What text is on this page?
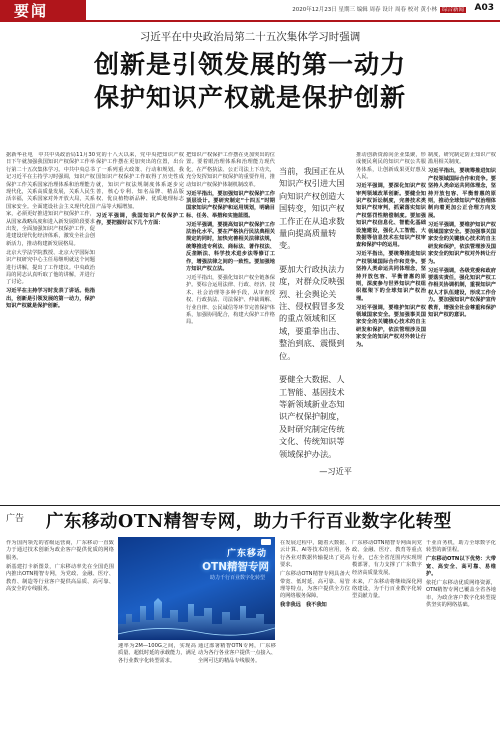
要闻	2020年12月23日 星期三 编辑 周春 设计 周春 校对 黄小林 综合新闻 A03
习近平在中央政治局第二十五次集体学习时强调
创新是引领发展的第一动力
保护知识产权就是保护创新

据新华社电　中共中央政治局11月30日下午就加强我国知识产权保护工作举行第二十五次集体学习。中共中央总书记习近平在主持学习时强调，知识产权保护工作关系国家治理体系和治理能力现代化，关系高质量发展，关系人民生活幸福，关系国家对外开放大局，关系国家安全。全面建设社会主义现代化国家，必须更好推进知识产权保护工作，从国家战略高度和进入新发展阶段要求出发，全面加强知识产权保护工作，促进建设现代化经济体系，激发全社会创新活力，推动构建新发展格局。

北京大学法学院教授、北京大学国际知识产权研究中心主任易继明就这个问题进行讲解，提出了工作建议。中央政治局的同志认真听取了他的讲解，并进行了讨论。

习近平在主持学习时发表了讲话。他指出，创新是引领发展的第一动力，保护知识产权就是保护创新。

把知识产权保护工作摆在更加突出的位置。要着眼治理体系和治理能力现代化，在严格执法、公正司法上下功夫，充分发挥知识产权保护的重要作用，推动知识产权保护体制机制改革。

习近平指出，要加强知识产权保护工作顶层设计。要研究制定“十四五”时期国家知识产权保护和运用规划，明确目标、任务、举措和实施蓝图。

习近平强调，要提高知识产权保护工作法治化水平。要在严格执行民法典相关规定的同时，加快完善相关法律法规，统筹推进专利法、商标法、著作权法、反垄断法、科学技术进步法等修订工作，增强法律之间的一致性。要加强地方知识产权立法。

习近平指出，要强化知识产权全链条保护。要综合运用法律、行政、经济、技术、社会治理等多种手段，从审查授权、行政执法、司法保护、仲裁调解、行业自律、公民诚信等环节完善保护体系，加强协同配合，构建大保护工作格局。

党的十八大以来，党中央把知识产权保护工作摆在更加突出的位置，出台了一系列重大政策、行动和规划。我国知识产权保护工作取得了历史性成就，知识产权法规制度体系逐步完善，核心专利、知名品牌、精品版权、优良植物新品种、优质地理标志产品等大幅增加。

习近平强调，我国知识产权保护工作，要把握好以下几个方面：

当前，我国正在从知识产权引进大国向知识产权创造大国转变，知识产权工作正在从追求数量向提高质量转变。

要加大行政执法力度，对群众反映强烈、社会舆论关注、侵权假冒多发的重点领域和区域，要重拳出击、整治到底、震慑到位。

要健全大数据、人工智能、基因技术等新领域新业态知识产权保护制度，及时研究制定传统文化、传统知识等领域保护办法。

—习近平

推动创新资源向企业集聚，形成便民利民的知识产权公共服务体系，让创新成果更好惠及人民。

习近平强调，要深化知识产权审判领域改革创新。要健全知识产权诉讼制度，完善技术类知识产权审判，抓紧落实知识产权惩罚性赔偿制度。要加强知识产权信息化、智能化基础设施建设，强化人工智能、大数据等信息技术在知识产权审查和保护中的运用。

习近平指出，要统筹推进知识产权领域国际合作和竞争。要坚持人类命运共同体理念，坚持开放包容、平衡普惠的原则，深度参与世界知识产权组织框架下的全球知识产权治理。

习近平强调，要维护知识产权领域国家安全。要加强事关国家安全的关键核心技术的自主研发和保护，依法管理涉及国家安全的知识产权对外转让行为。

制度，研究制定防止知识产权滥用相关制度。

习近平指出，要统筹推进知识产权领域国际合作和竞争。要坚持人类命运共同体理念，坚持开放包容、平衡普惠的原则，推动全球知识产权治理体制向着更加公正合理方向发展。

习近平强调，要维护知识产权领域国家安全。要加强事关国家安全的关键核心技术的自主研发和保护，依法管理涉及国家安全的知识产权对外转让行为。

习近平强调，各级党委和政府要落实责任，强化知识产权工作相关协调机制，重视知识产权人才队伍建设，形成工作合力。要加强知识产权保护宣传教育，增强全社会尊重和保护知识产权的意识。

广告 广东移动OTN精智专网，助力千行百业数字化转型

作为国内领先的省级运营商，广东移动一直致力于通过技术创新为政企客户提供优质的网络服务。

新基建打卡新图景，广东移动率先在全国范围内推出OTN精智专网，为党政、金融、医疗、教育、制造等行业客户提供高品质、高可靠、高安全的专线服务。

速率为2M—100G之间，实现高质量、超低时延的承载能力，满足各行业数字化转型需求。

通过部署精智OTN专网，广东移动为各行各业客户提供一点接入、全网可达的精品专线服务。

在发展过程中，随着大数据、云计算、AI等技术的应用，各行各业对数据传输提出了更高要求。

广东移动OTN精智专网具备大带宽、低时延、高可靠、易管理等特点，为客户提供全方位的网络服务保障。

我非我远　我不我知

广东移动OTN精智专网面向党政、金融、医疗、教育等重点行业，已在全省范围内实现规模部署，有力支撑了广东数字经济高质量发展。

未来，广东移动将继续深化网络建设，为千行百业数字化转型贡献力量。

千业百务机，助力全球数字化转型的新里程。

广东移动OTN以下优势：大带宽、高安全、高可靠、易维护。

依托广东移动优质网络资源，OTN精智专网已覆盖全省各地市，为政企客户数字化转型提供坚实的网络基础。

广东移动
OTN精智专网
助力千行百业数字化转型
